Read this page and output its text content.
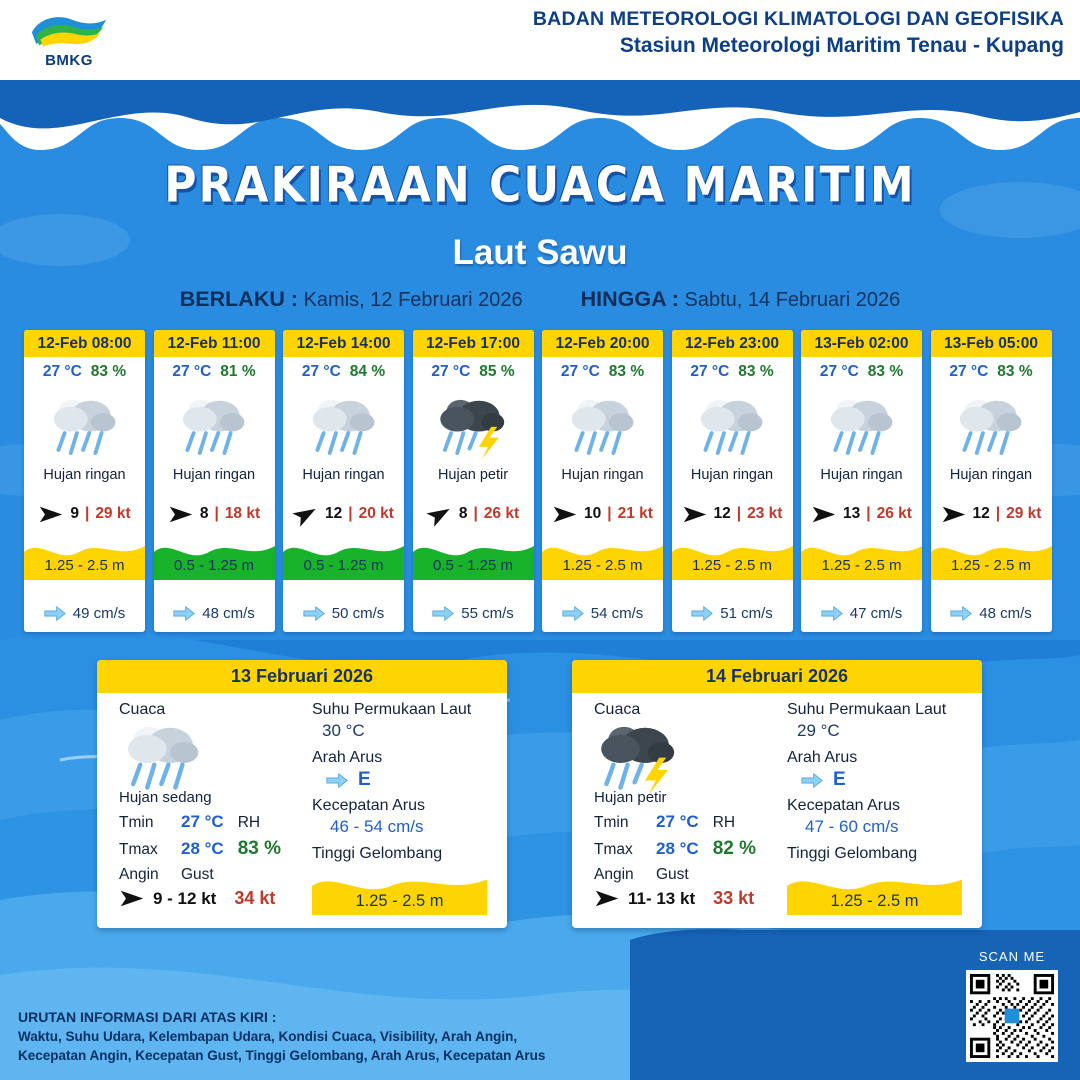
BMKG
BADAN METEOROLOGI KLIMATOLOGI DAN GEOFISIKA
Stasiun Meteorologi Maritim Tenau - Kupang
PRAKIRAAN CUACA MARITIM
Laut Sawu
BERLAKU : Kamis, 12 Februari 2026	HINGGA : Sabtu, 14 Februari 2026
12-Feb 08:00
27 °C 83 %
Hujan ringan
9 | 29 kt
1.25 - 2.5 m
49 cm/s
12-Feb 11:00
27 °C 81 %
Hujan ringan
8 | 18 kt
0.5 - 1.25 m
48 cm/s
12-Feb 14:00
27 °C 84 %
Hujan ringan
12 | 20 kt
0.5 - 1.25 m
50 cm/s
12-Feb 17:00
27 °C 85 %
Hujan petir
8 | 26 kt
0.5 - 1.25 m
55 cm/s
12-Feb 20:00
27 °C 83 %
Hujan ringan
10 | 21 kt
1.25 - 2.5 m
54 cm/s
12-Feb 23:00
27 °C 83 %
Hujan ringan
12 | 23 kt
1.25 - 2.5 m
51 cm/s
13-Feb 02:00
27 °C 83 %
Hujan ringan
13 | 26 kt
1.25 - 2.5 m
47 cm/s
13-Feb 05:00
27 °C 83 %
Hujan ringan
12 | 29 kt
1.25 - 2.5 m
48 cm/s
13 Februari 2026
Cuaca
Hujan sedang
Tmin	27 °C RH
Tmax	28 °C 83 %
Angin	Gust
9 - 12 kt 34 kt
Suhu Permukaan Laut
30 °C
Arah Arus
E
Kecepatan Arus
46 - 54 cm/s
Tinggi Gelombang
1.25 - 2.5 m
14 Februari 2026
Cuaca
Hujan petir
Tmin	27 °C RH
Tmax	28 °C 82 %
Angin	Gust
11- 13 kt 33 kt
Suhu Permukaan Laut
29 °C
Arah Arus
E
Kecepatan Arus
47 - 60 cm/s
Tinggi Gelombang
1.25 - 2.5 m
URUTAN INFORMASI DARI ATAS KIRI :
Waktu, Suhu Udara, Kelembapan Udara, Kondisi Cuaca, Visibility, Arah Angin,
Kecepatan Angin, Kecepatan Gust, Tinggi Gelombang, Arah Arus, Kecepatan Arus
SCAN ME
